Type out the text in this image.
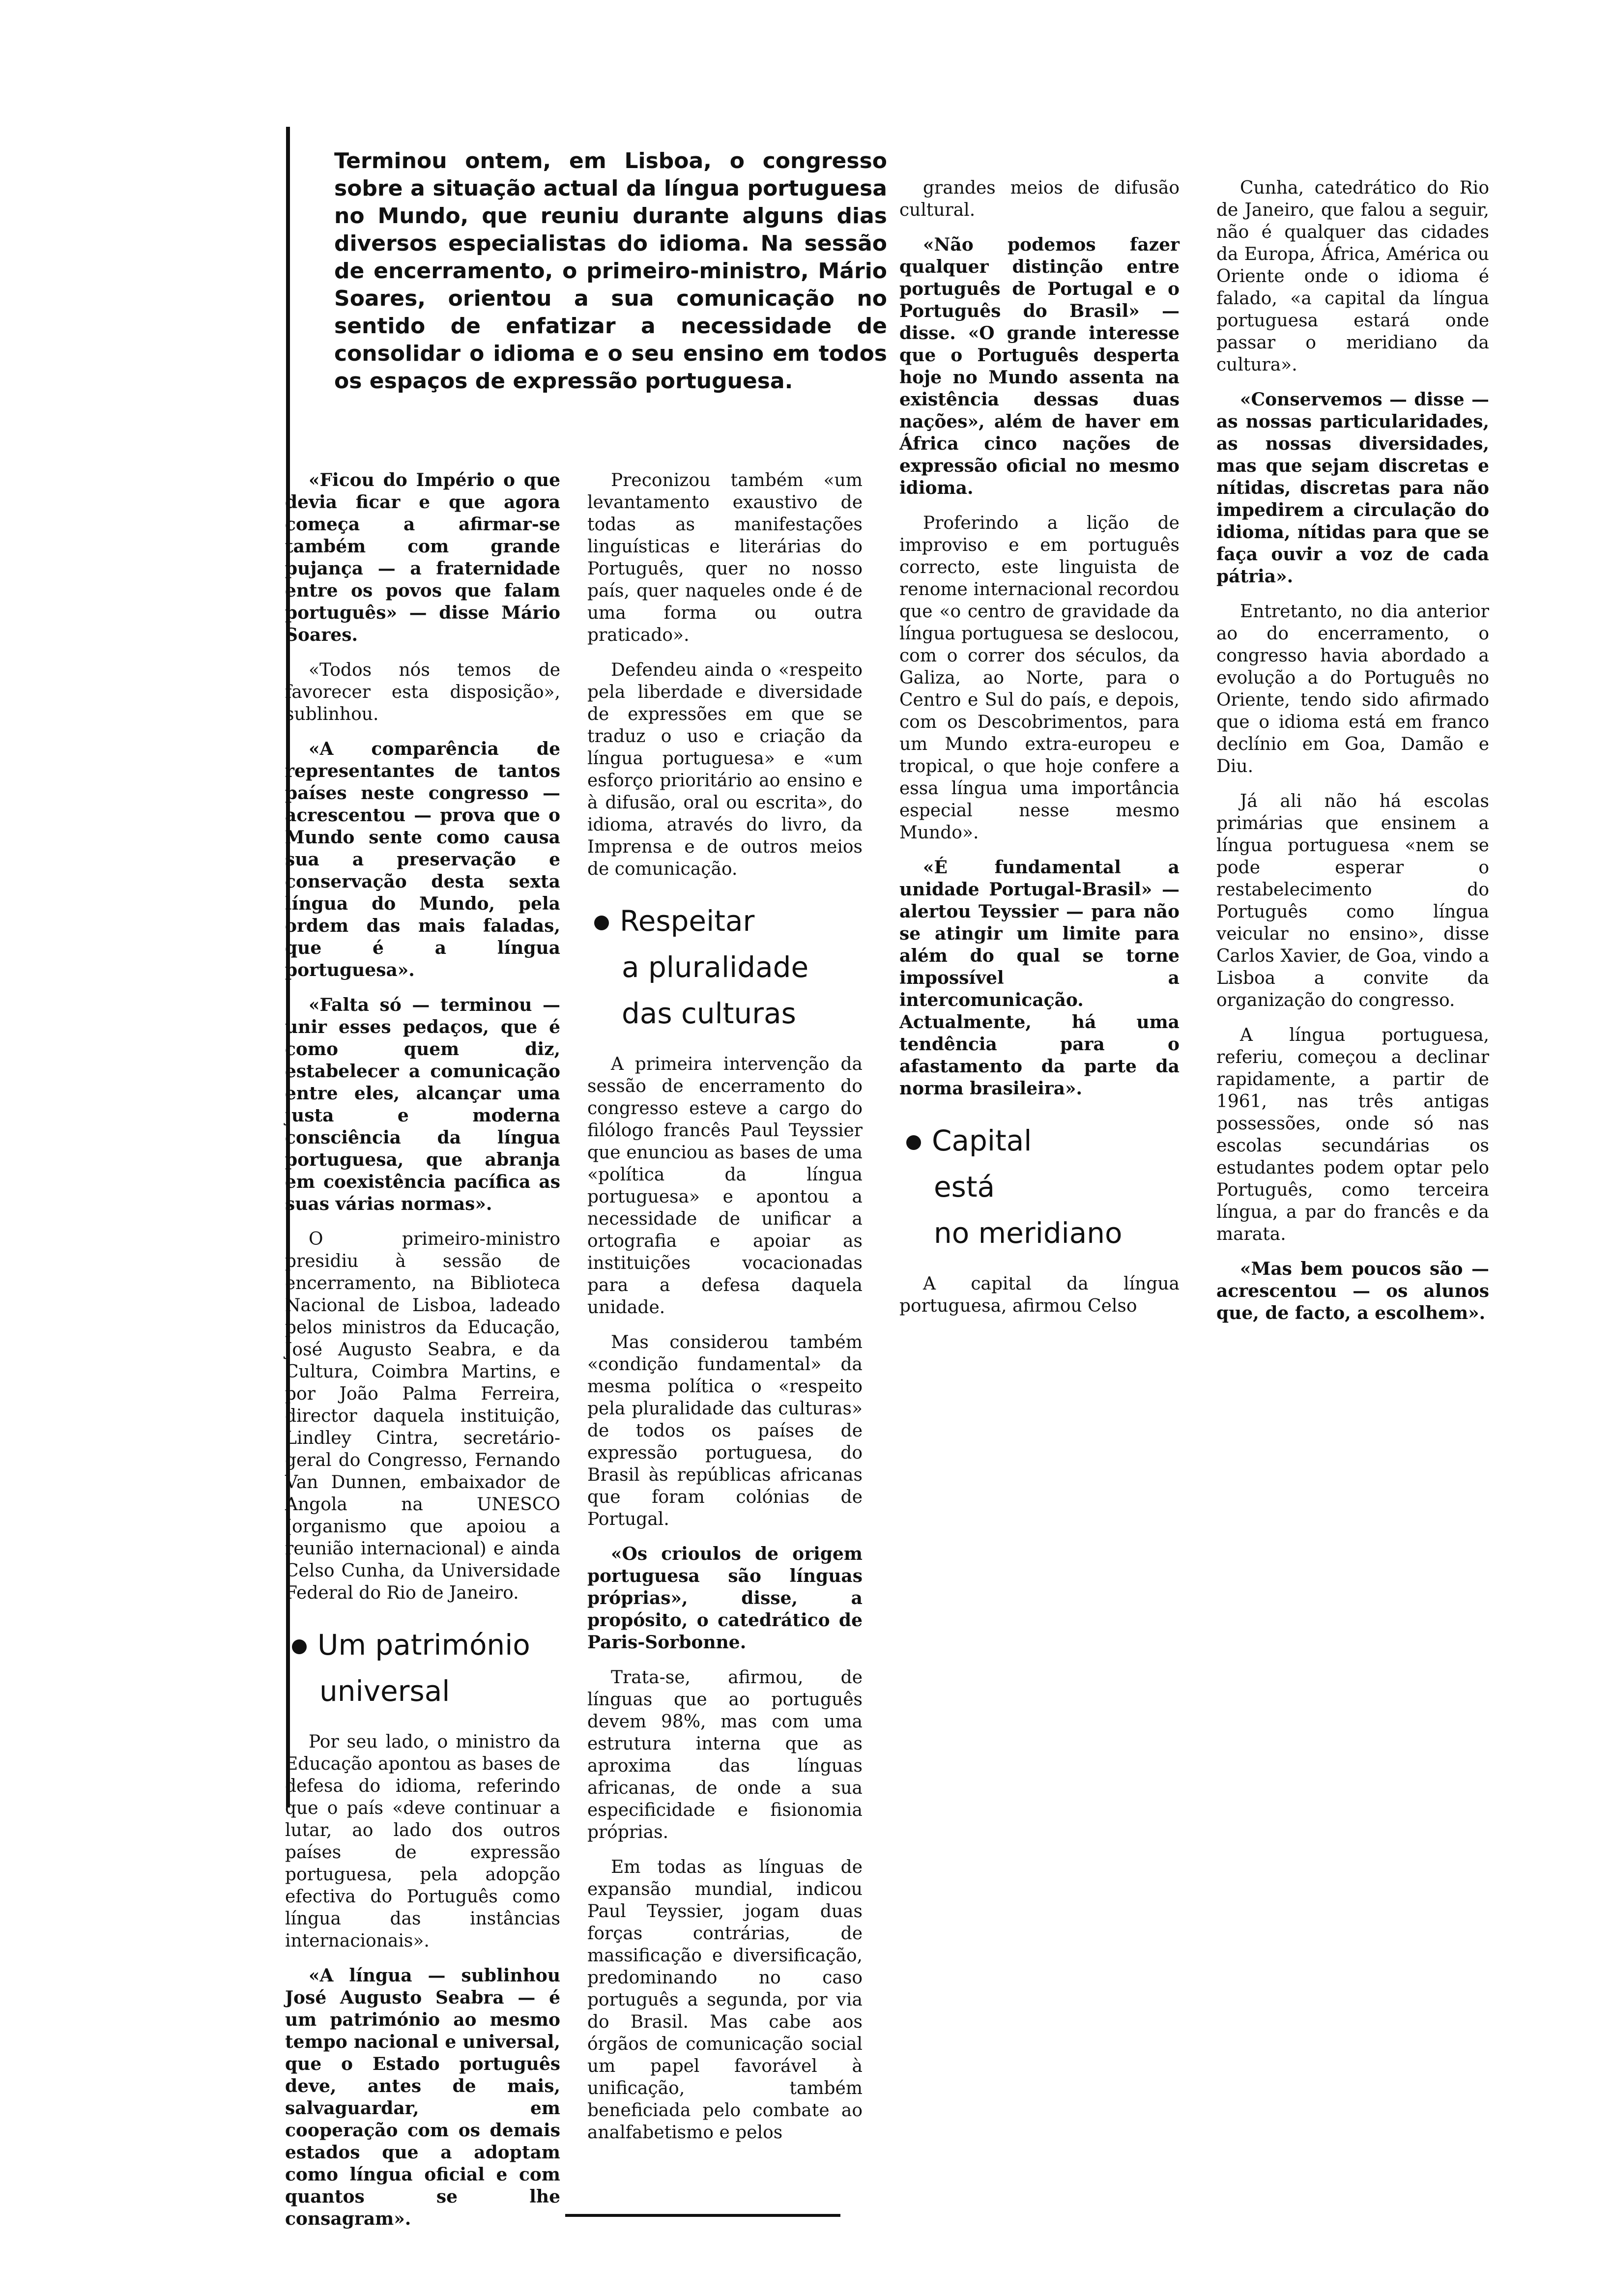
Terminou ontem, em Lisboa, o congresso sobre a situação actual da língua portuguesa no Mundo, que reuniu durante alguns dias diversos especialistas do idioma. Na sessão de encerramento, o primeiro-ministro, Mário Soares, orientou a sua comunicação no sentido de enfatizar a necessidade de consolidar o idioma e o seu ensino em todos os espaços de expressão portuguesa.

«Ficou do Império o que devia ficar e que agora começa a afirmar-se também com grande pujança — a fraternidade entre os povos que falam português» — disse Mário Soares.

«Todos nós temos de favorecer esta disposição», sublinhou.

«A comparência de representantes de tantos países neste congresso — acrescentou — prova que o Mundo sente como causa sua a preservação e conservação desta sexta língua do Mundo, pela ordem das mais faladas, que é a língua portuguesa».

«Falta só — terminou — unir esses pedaços, que é como quem diz, estabelecer a comunicação entre eles, alcançar uma justa e moderna consciência da língua portuguesa, que abranja em coexistência pacífica as suas várias normas».

O primeiro-ministro presidiu à sessão de encerramento, na Biblioteca Nacional de Lisboa, ladeado pelos ministros da Educação, José Augusto Seabra, e da Cultura, Coimbra Martins, e por João Palma Ferreira, director daquela instituição, Lindley Cintra, secretário-geral do Congresso, Fernando Van Dunnen, embaixador de Angola na UNESCO (organismo que apoiou a reunião internacional) e ainda Celso Cunha, da Universidade Federal do Rio de Janeiro.

Um património
universal

Por seu lado, o ministro da Educação apontou as bases de defesa do idioma, referindo que o país «deve continuar a lutar, ao lado dos outros países de expressão portuguesa, pela adopção efectiva do Português como língua das instâncias internacionais».

«A língua — sublinhou José Augusto Seabra — é um património ao mesmo tempo nacional e universal, que o Estado português deve, antes de mais, salvaguardar, em cooperação com os demais estados que a adoptam como língua oficial e com quantos se lhe consagram».

Preconizou também «um levantamento exaustivo de todas as manifestações linguísticas e literárias do Português, quer no nosso país, quer naqueles onde é de uma forma ou outra praticado».

Defendeu ainda o «respeito pela liberdade e diversidade de expressões em que se traduz o uso e criação da língua portuguesa» e «um esforço prioritário ao ensino e à difusão, oral ou escrita», do idioma, através do livro, da Imprensa e de outros meios de comunicação.

Respeitar
a pluralidade
das culturas

A primeira intervenção da sessão de encerramento do congresso esteve a cargo do filólogo francês Paul Teyssier que enunciou as bases de uma «política da língua portuguesa» e apontou a necessidade de unificar a ortografia e apoiar as instituições vocacionadas para a defesa daquela unidade.

Mas considerou também «condição fundamental» da mesma política o «respeito pela pluralidade das culturas» de todos os países de expressão portuguesa, do Brasil às repúblicas africanas que foram colónias de Portugal.

«Os crioulos de origem portuguesa são línguas próprias», disse, a propósito, o catedrático de Paris-Sorbonne.

Trata-se, afirmou, de línguas que ao português devem 98%, mas com uma estrutura interna que as aproxima das línguas africanas, de onde a sua especificidade e fisionomia próprias.

Em todas as línguas de expansão mundial, indicou Paul Teyssier, jogam duas forças contrárias, de massificação e diversificação, predominando no caso português a segunda, por via do Brasil. Mas cabe aos órgãos de comunicação social um papel favorável à unificação, também beneficiada pelo combate ao analfabetismo e pelos

grandes meios de difusão cultural.

«Não podemos fazer qualquer distinção entre português de Portugal e o Português do Brasil» — disse. «O grande interesse que o Português desperta hoje no Mundo assenta na existência dessas duas nações», além de haver em África cinco nações de expressão oficial no mesmo idioma.

Proferindo a lição de improviso e em português correcto, este linguista de renome internacional recordou que «o centro de gravidade da língua portuguesa se deslocou, com o correr dos séculos, da Galiza, ao Norte, para o Centro e Sul do país, e depois, com os Descobrimentos, para um Mundo extra-europeu e tropical, o que hoje confere a essa língua uma importância especial nesse mesmo Mundo».

«É fundamental a unidade Portugal-Brasil» — alertou Teyssier — para não se atingir um limite para além do qual se torne impossível a intercomunicação. Actualmente, há uma tendência para o afastamento da parte da norma brasileira».

Capital
está
no meridiano

A capital da língua portuguesa, afirmou Celso

Cunha, catedrático do Rio de Janeiro, que falou a seguir, não é qualquer das cidades da Europa, África, América ou Oriente onde o idioma é falado, «a capital da língua portuguesa estará onde passar o meridiano da cultura».

«Conservemos — disse — as nossas particularidades, as nossas diversidades, mas que sejam discretas e nítidas, discretas para não impedirem a circulação do idioma, nítidas para que se faça ouvir a voz de cada pátria».

Entretanto, no dia anterior ao do encerramento, o congresso havia abordado a evolução a do Português no Oriente, tendo sido afirmado que o idioma está em franco declínio em Goa, Damão e Diu.

Já ali não há escolas primárias que ensinem a língua portuguesa «nem se pode esperar o restabelecimento do Português como língua veicular no ensino», disse Carlos Xavier, de Goa, vindo a Lisboa a convite da organização do congresso.

A língua portuguesa, referiu, começou a declinar rapidamente, a partir de 1961, nas três antigas possessões, onde só nas escolas secundárias os estudantes podem optar pelo Português, como terceira língua, a par do francês e da marata.

«Mas bem poucos são — acrescentou — os alunos que, de facto, a escolhem».
